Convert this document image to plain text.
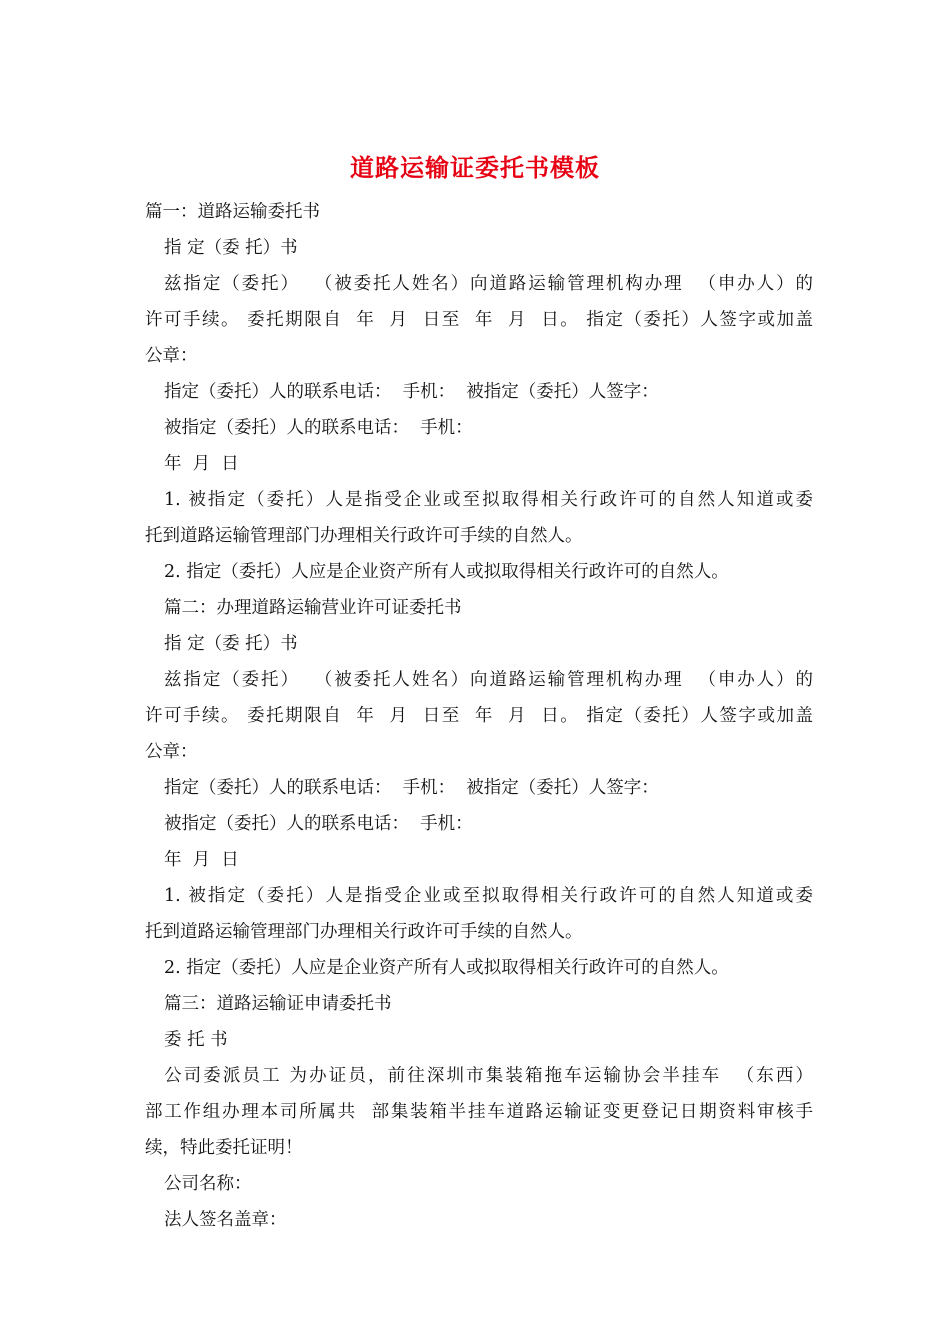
道路运输证委托书模板
篇一：道路运输委托书
指 定（委 托）书
兹指定（委托）  （被委托人姓名）向道路运输管理机构办理  （申办人）的
许可手续。 委托期限自  年  月  日至  年  月  日。 指定（委托）人签字或加盖
公章：
指定（委托）人的联系电话：  手机：  被指定（委托）人签字：
被指定（委托）人的联系电话：  手机：
年  月  日
1. 被指定（委托）人是指受企业或至拟取得相关行政许可的自然人知道或委
托到道路运输管理部门办理相关行政许可手续的自然人。
2. 指定（委托）人应是企业资产所有人或拟取得相关行政许可的自然人。
篇二：办理道路运输营业许可证委托书
指 定（委 托）书
兹指定（委托）  （被委托人姓名）向道路运输管理机构办理  （申办人）的
许可手续。 委托期限自  年  月  日至  年  月  日。 指定（委托）人签字或加盖
公章：
指定（委托）人的联系电话：  手机：  被指定（委托）人签字：
被指定（委托）人的联系电话：  手机：
年  月  日
1. 被指定（委托）人是指受企业或至拟取得相关行政许可的自然人知道或委
托到道路运输管理部门办理相关行政许可手续的自然人。
2. 指定（委托）人应是企业资产所有人或拟取得相关行政许可的自然人。
篇三：道路运输证申请委托书
委 托 书
公司委派员工 为办证员，前往深圳市集装箱拖车运输协会半挂车  （东西）
部工作组办理本司所属共  部集装箱半挂车道路运输证变更登记日期资料审核手
续，特此委托证明！
公司名称：
法人签名盖章：
